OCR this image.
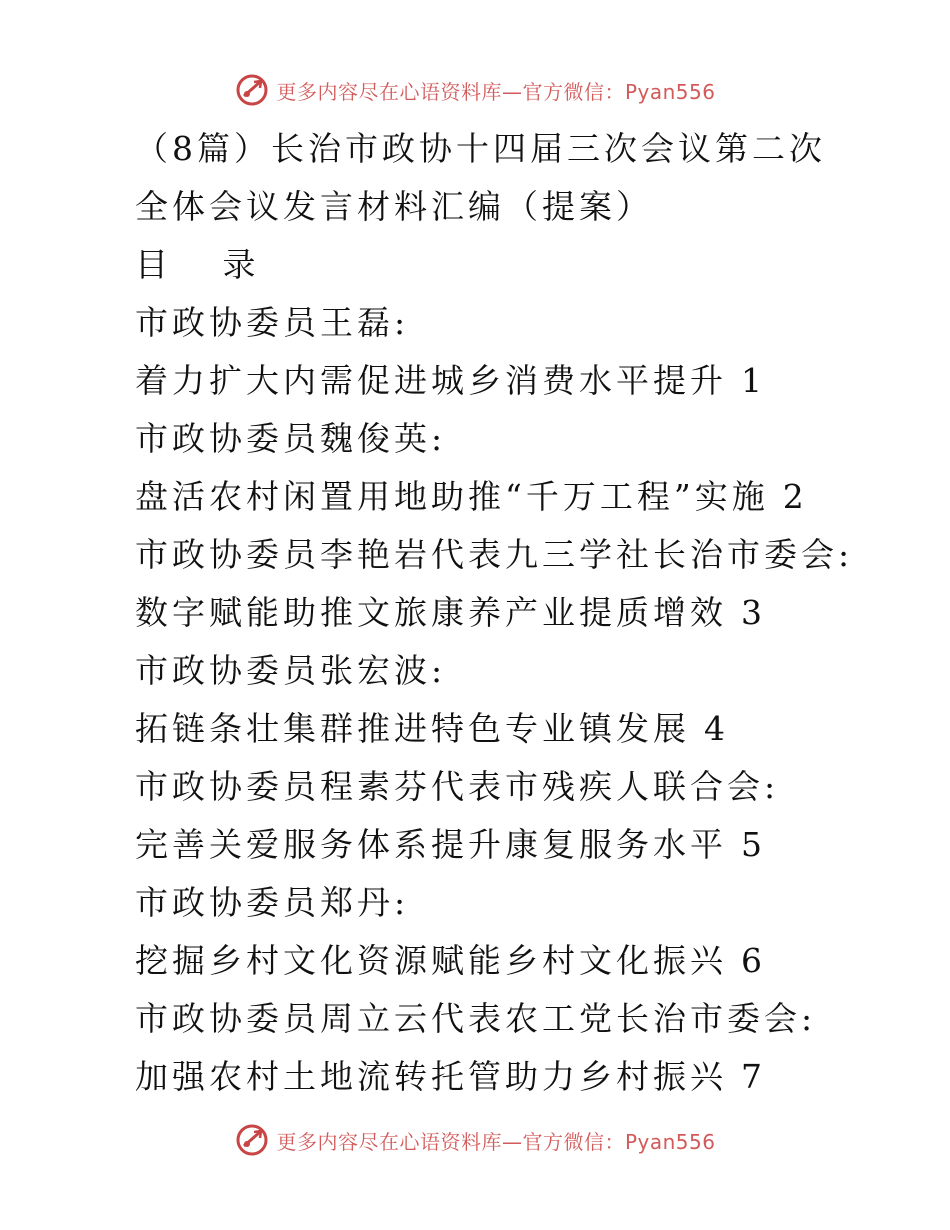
更多内容尽在心语资料库—官方微信：Pyan556
（8篇）长治市政协十四届三次会议第二次
全体会议发言材料汇编（提案）
目 录
市政协委员王磊:
着力扩大内需促进城乡消费水平提升 1
市政协委员魏俊英:
盘活农村闲置用地助推“千万工程”实施 2
市政协委员李艳岩代表九三学社长治市委会:
数字赋能助推文旅康养产业提质增效 3
市政协委员张宏波:
拓链条壮集群推进特色专业镇发展 4
市政协委员程素芬代表市残疾人联合会:
完善关爱服务体系提升康复服务水平 5
市政协委员郑丹:
挖掘乡村文化资源赋能乡村文化振兴 6
市政协委员周立云代表农工党长治市委会:
加强农村土地流转托管助力乡村振兴 7
更多内容尽在心语资料库—官方微信：Pyan556
